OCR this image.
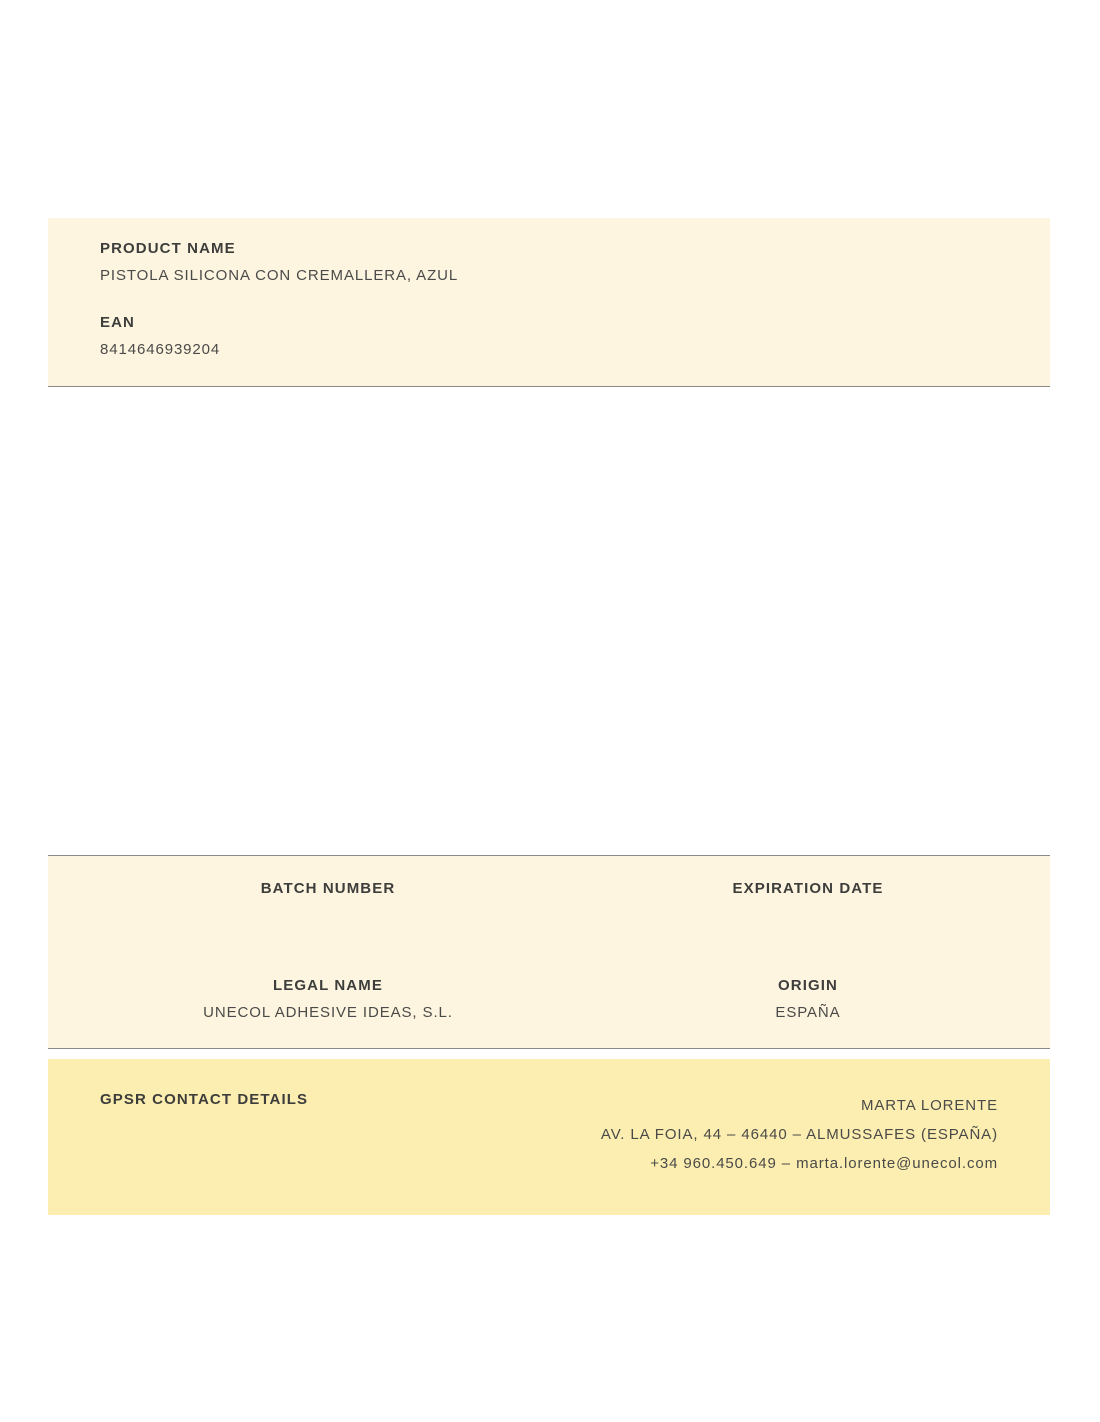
PRODUCT NAME
PISTOLA SILICONA CON CREMALLERA, AZUL
EAN
8414646939204
BATCH NUMBER	EXPIRATION DATE
LEGAL NAME
UNECOL ADHESIVE IDEAS, S.L.
ORIGIN
ESPAÑA
GPSR CONTACT DETAILS	MARTA LORENTE
AV. LA FOIA, 44 – 46440 – ALMUSSAFES (ESPAÑA)
+34 960.450.649 – marta.lorente@unecol.com
